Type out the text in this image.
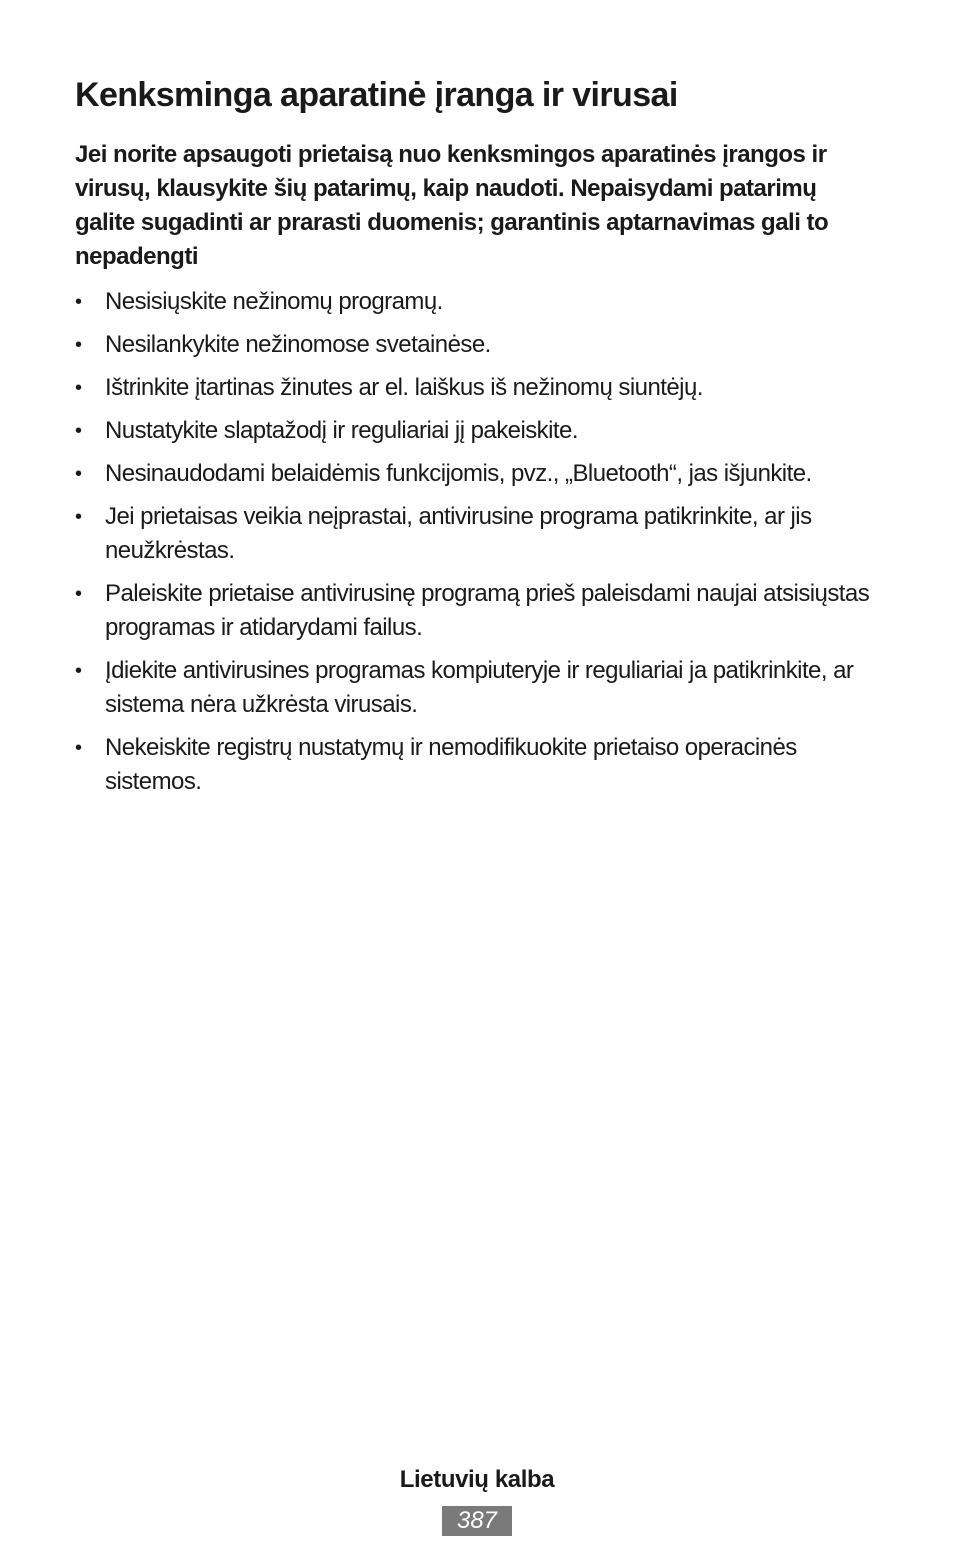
Kenksminga aparatinė įranga ir virusai

Jei norite apsaugoti prietaisą nuo kenksmingos aparatinės įrangos ir virusų, klausykite šių patarimų, kaip naudoti. Nepaisydami patarimų galite sugadinti ar prarasti duomenis; garantinis aptarnavimas gali to nepadengti

• Nesisiųskite nežinomų programų.
• Nesilankykite nežinomose svetainėse.
• Ištrinkite įtartinas žinutes ar el. laiškus iš nežinomų siuntėjų.
• Nustatykite slaptažodį ir reguliariai jį pakeiskite.
• Nesinaudodami belaidėmis funkcijomis, pvz., „Bluetooth“, jas išjunkite.
• Jei prietaisas veikia neįprastai, antivirusine programa patikrinkite, ar jis neužkrėstas.
• Paleiskite prietaise antivirusinę programą prieš paleisdami naujai atsisiųstas programas ir atidarydami failus.
• Įdiekite antivirusines programas kompiuteryje ir reguliariai ja patikrinkite, ar sistema nėra užkrėsta virusais.
• Nekeiskite registrų nustatymų ir nemodifikuokite prietaiso operacinės sistemos.
Lietuvių kalba
387
